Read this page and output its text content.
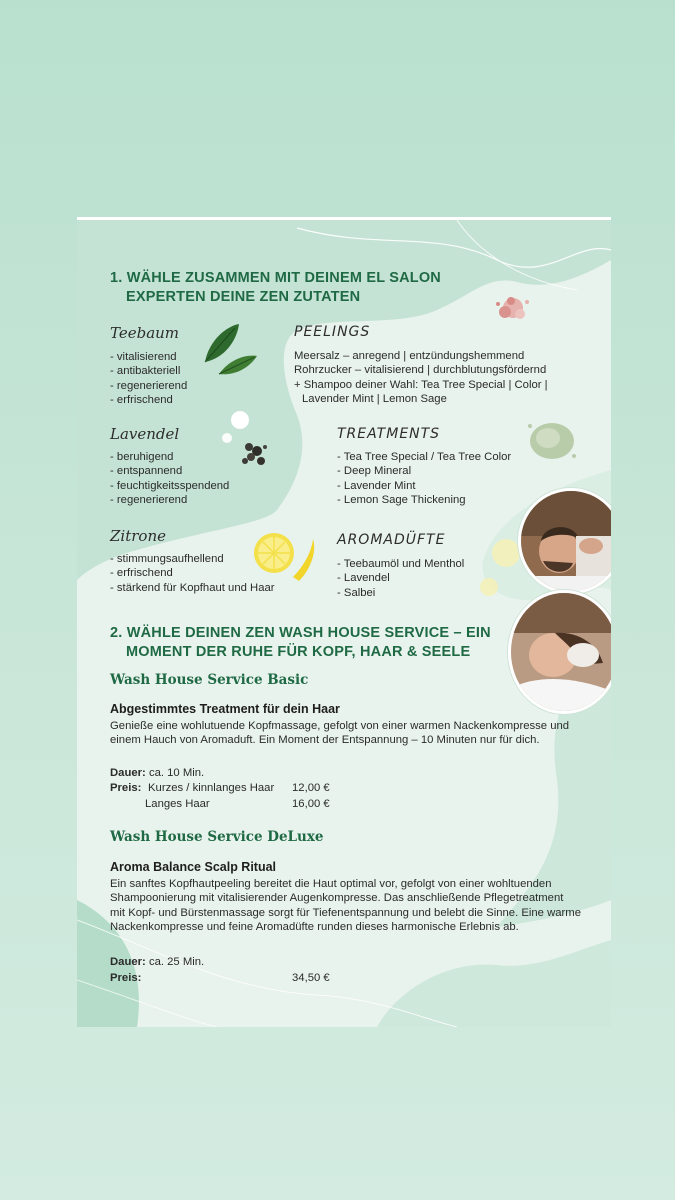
1. WÄHLE ZUSAMMEN MIT DEINEM EL SALON
EXPERTEN DEINE ZEN ZUTATEN
Teebaum
- vitalisierend
- antibakteriell
- regenerierend
- erfrischend
PEELINGS
Meersalz – anregend | entzündungshemmend
Rohrzucker – vitalisierend | durchblutungsfördernd
+ Shampoo deiner Wahl: Tea Tree Special | Color |
Lavender Mint | Lemon Sage
Lavendel
- beruhigend
- entspannend
- feuchtigkeitsspendend
- regenerierend
TREATMENTS
- Tea Tree Special / Tea Tree Color
- Deep Mineral
- Lavender Mint
- Lemon Sage Thickening
Zitrone
- stimmungsaufhellend
- erfrischend
- stärkend für Kopfhaut und Haar
AROMADÜFTE
- Teebaumöl und Menthol
- Lavendel
- Salbei
2. WÄHLE DEINEN ZEN WASH HOUSE SERVICE – EIN
MOMENT DER RUHE FÜR KOPF, HAAR & SEELE
Wash House Service Basic
Abgestimmtes Treatment für dein Haar
Genieße eine wohlutuende Kopfmassage, gefolgt von einer warmen Nackenkompresse und
einem Hauch von Aromaduft. Ein Moment der Entspannung – 10 Minuten nur für dich.
Dauer: ca. 10 Min.
Preis: Kurzes / kinnlanges Haar 12,00 €
Langes Haar	16,00 €
Wash House Service DeLuxe
Aroma Balance Scalp Ritual
Ein sanftes Kopfhautpeeling bereitet die Haut optimal vor, gefolgt von einer wohltuenden
Shampoonierung mit vitalisierender Augenkompresse. Das anschließende Pflegetreatment
mit Kopf- und Bürstenmassage sorgt für Tiefenentspannung und belebt die Sinne. Eine warme
Nackenkompresse und feine Aromadüfte runden dieses harmonische Erlebnis ab.
Dauer: ca. 25 Min.
Preis:	34,50 €
